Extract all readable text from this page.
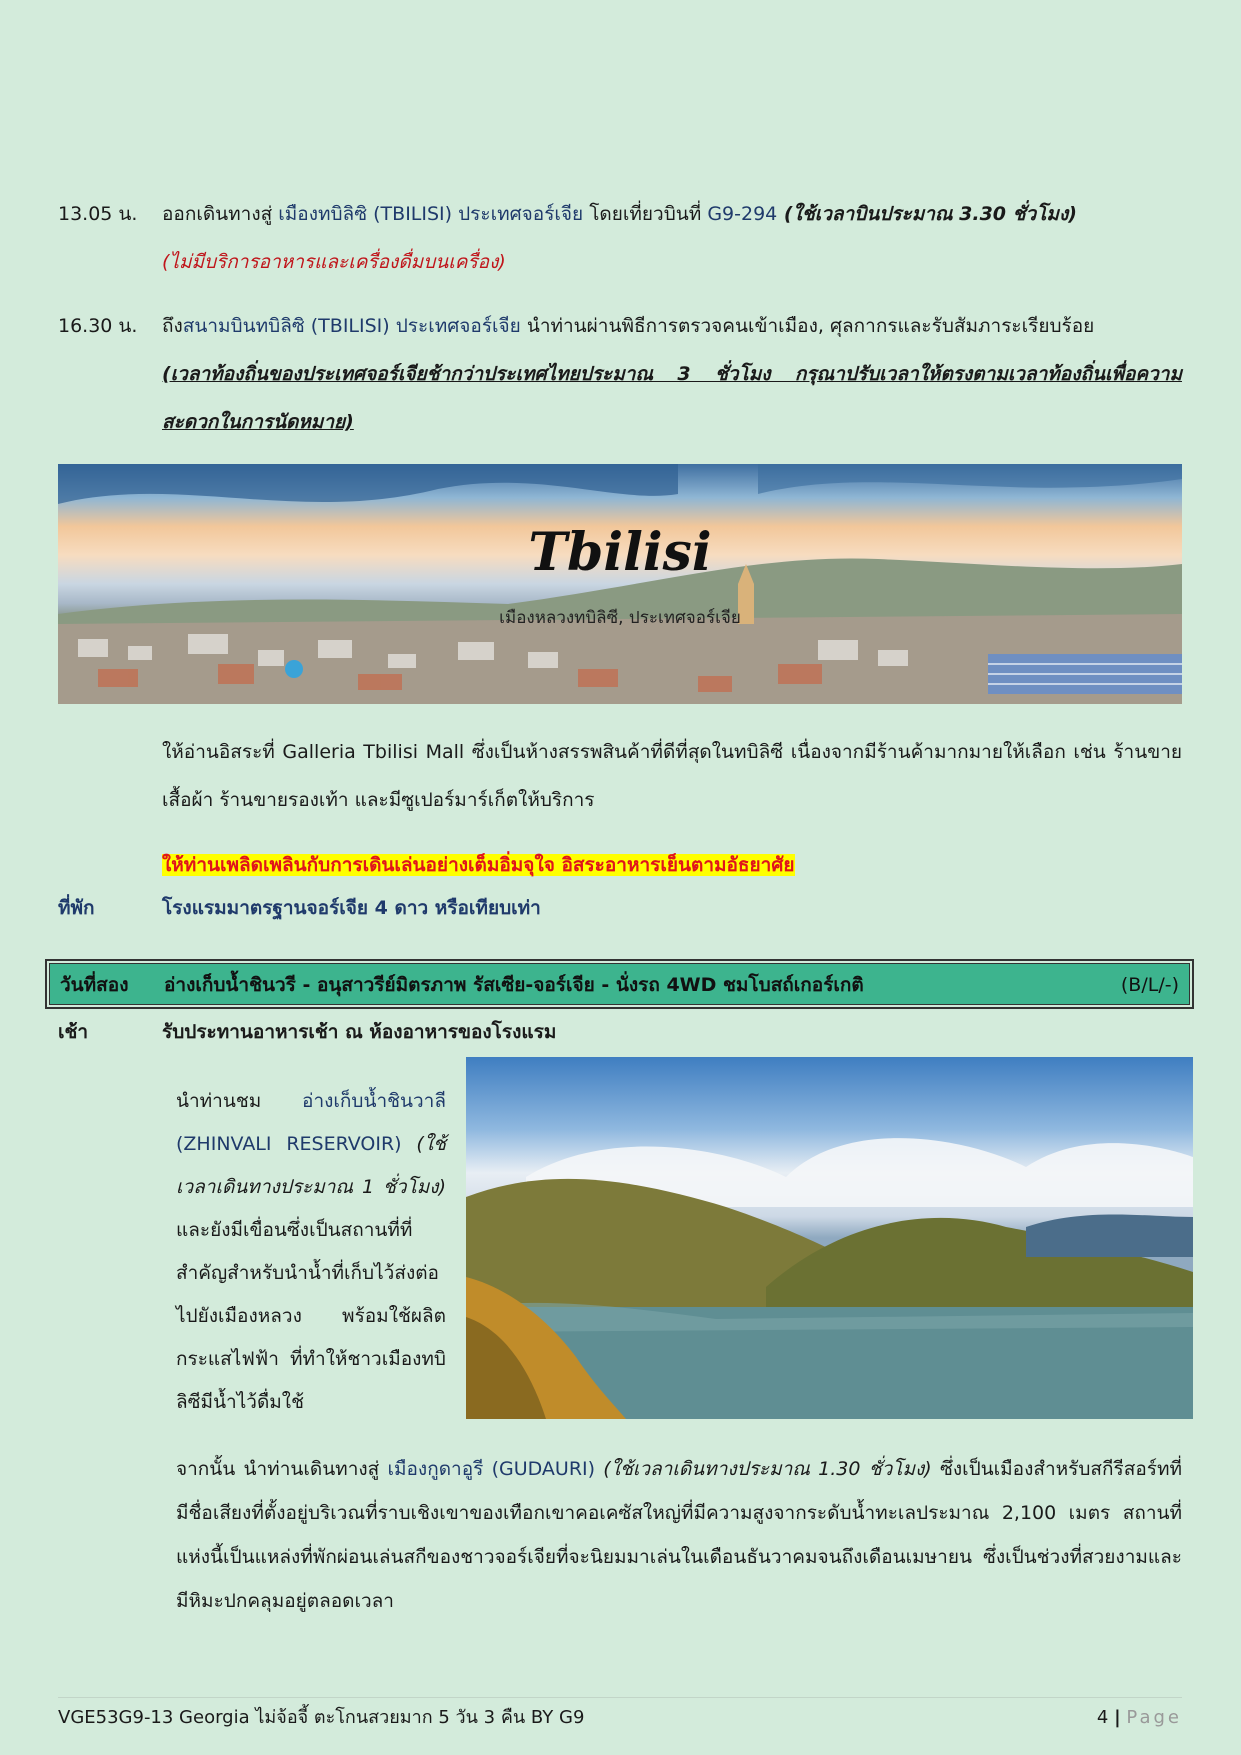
13.05 น.	ออกเดินทางสู่ เมืองทบิลิซิ (TBILISI) ประเทศจอร์เจีย โดยเที่ยวบินที่ G9-294 (ใช้เวลาบินประมาณ 3.30 ชั่วโมง)
(ไม่มีบริการอาหารและเครื่องดื่มบนเครื่อง)
16.30 น.	ถึงสนามบินทบิลิซิ (TBILISI) ประเทศจอร์เจีย นำท่านผ่านพิธีการตรวจคนเข้าเมือง, ศุลกากรและรับสัมภาระเรียบร้อย
(เวลาท้องถิ่นของประเทศจอร์เจียช้ากว่าประเทศไทยประมาณ 3 ชั่วโมง กรุณาปรับเวลาให้ตรงตามเวลาท้องถิ่นเพื่อความสะดวกในการนัดหมาย)
Tbilisi
เมืองหลวงทบิลิซี, ประเทศจอร์เจีย
ให้อ่านอิสระที่ Galleria Tbilisi Mall ซึ่งเป็นห้างสรรพสินค้าที่ดีที่สุดในทบิลิซี เนื่องจากมีร้านค้ามากมายให้เลือก เช่น ร้านขายเสื้อผ้า ร้านขายรองเท้า และมีซูเปอร์มาร์เก็ตให้บริการ
ให้ท่านเพลิดเพลินกับการเดินเล่นอย่างเต็มอิ่มจุใจ อิสระอาหารเย็นตามอัธยาศัย
ที่พัก	โรงแรมมาตรฐานจอร์เจีย 4 ดาว หรือเทียบเท่า
วันที่สอง อ่างเก็บน้ำชินวรี - อนุสาวรีย์มิตรภาพ รัสเซีย-จอร์เจีย - นั่งรถ 4WD ชมโบสถ์เกอร์เกติ	(B/L/-)
เช้า	รับประทานอาหารเช้า ณ ห้องอาหารของโรงแรม
นำท่านชม อ่างเก็บน้ำชินวาลี (ZHINVALI RESERVOIR) (ใช้เวลาเดินทางประมาณ 1 ชั่วโมง) และยังมีเขื่อนซึ่งเป็นสถานที่ที่สำคัญสำหรับนำน้ำที่เก็บไว้ส่งต่อไปยังเมืองหลวง พร้อมใช้ผลิตกระแสไฟฟ้า ที่ทำให้ชาวเมืองทบิลิซีมีน้ำไว้ดื่มใช้
จากนั้น นำท่านเดินทางสู่ เมืองกูดาอูรี (GUDAURI) (ใช้เวลาเดินทางประมาณ 1.30 ชั่วโมง) ซึ่งเป็นเมืองสำหรับสกีรีสอร์ทที่มีชื่อเสียงที่ตั้งอยู่บริเวณที่ราบเชิงเขาของเทือกเขาคอเคซัสใหญ่ที่มีความสูงจากระดับน้ำทะเลประมาณ 2,100 เมตร สถานที่แห่งนี้เป็นแหล่งที่พักผ่อนเล่นสกีของชาวจอร์เจียที่จะนิยมมาเล่นในเดือนธันวาคมจนถึงเดือนเมษายน ซึ่งเป็นช่วงที่สวยงามและมีหิมะปกคลุมอยู่ตลอดเวลา
VGE53G9-13 Georgia ไม่จ้อจี้ ตะโกนสวยมาก 5 วัน 3 คืน BY G9	4 | Page
